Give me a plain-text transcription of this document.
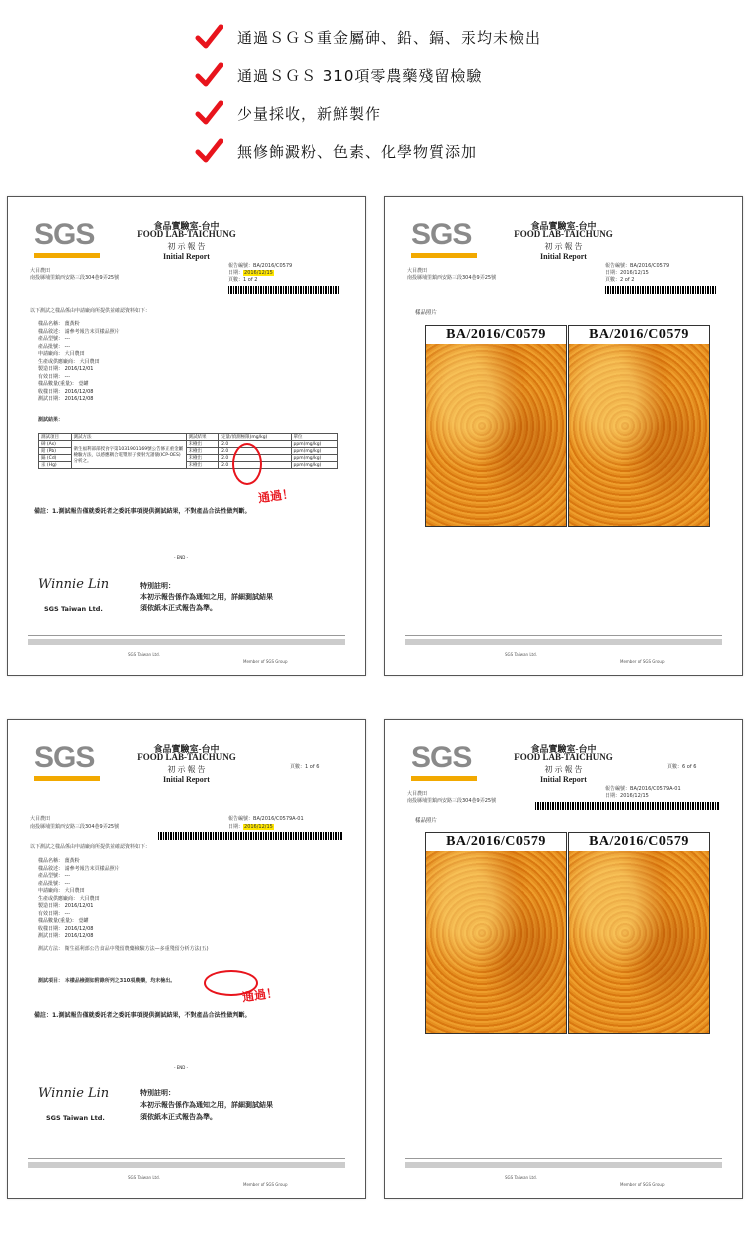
通過ＳＧＳ重金屬砷、鉛、鎘、汞均未檢出
通過ＳＧＳ 310項零農藥殘留檢驗
少量採收，新鮮製作
無修飾澱粉、色素、化學物質添加
SGS	食品實驗室-台中
FOOD LAB-TAICHUNG
初 示 報 告
Initial Report
大目農田
南投縣埔里鎮西安路三段304巷9弄25號
報告編號：BA/2016/C0579
日期：2016/12/15
頁數：1 of 2
以下測試之樣品係由申請廠商所提供並確認資料如下：
樣品名稱： 薑黃粉
樣品敘述： 請參考報告末頁樣品照片
產品型號： ---
產品批號： ---
申請廠商： 大目農田
生產或供應廠商： 大目農田
製造日期： 2016/12/01
有效日期： ---
樣品數量(重量)： 壹罐
收樣日期： 2016/12/08
測試日期： 2016/12/08
測試結果：
測試項目	測試方法	測試結果	定量/偵測極限(mg/kg)	單位
砷 (As)	衛生福利部部授食字第1031901169號公告修正重金屬檢驗方法，以感應耦合電漿原子發射光譜儀(ICP-OES)分析之。	未檢出	2.0	ppm(mg/kg)
鉛 (Pb)		未檢出	2.0	ppm(mg/kg)
鎘 (Cd)		未檢出	2.0	ppm(mg/kg)
汞 (Hg)		未檢出	2.0	ppm(mg/kg)
通過！
備註：1.測試報告僅就委託者之委託事項提供測試結果，不對產品合法性做判斷。
- END -
Winnie Lin
SGS Taiwan Ltd.
特別註明：
本初示報告係作為通知之用，詳細測試結果
須依紙本正式報告為準。
SGS Taiwan Ltd.
Member of SGS Group
SGS	食品實驗室-台中
FOOD LAB-TAICHUNG
初 示 報 告
Initial Report
大目農田
南投縣埔里鎮西安路三段304巷9弄25號
報告編號：BA/2016/C0579
日期：2016/12/15
頁數：2 of 2
樣品照片
BA/2016/C0579	BA/2016/C0579
SGS Taiwan Ltd.
Member of SGS Group
SGS	食品實驗室-台中
FOOD LAB-TAICHUNG
初 示 報 告
Initial Report
頁數：1 of 6
大目農田
南投縣埔里鎮西安路三段304巷9弄25號
報告編號：BA/2016/C0579A-01
日期：2016/12/15
以下測試之樣品係由申請廠商所提供並確認資料如下：
樣品名稱： 薑黃粉
樣品敘述： 請參考報告末頁樣品照片
產品型號： ---
產品批號： ---
申請廠商： 大目農田
生產或供應廠商： 大目農田
製造日期： 2016/12/01
有效日期： ---
樣品數量(重量)： 壹罐
收樣日期： 2016/12/08
測試日期： 2016/12/08
測試方法： 衛生福利部公告食品中殘留農藥檢驗方法—多重殘留分析方法(五)
測試項目： 本樣品檢測如附錄所列之310項農藥，均未檢出。
通過！
備註：1.測試報告僅就委託者之委託事項提供測試結果，不對產品合法性做判斷。
- END -
Winnie Lin
SGS Taiwan Ltd.
特別註明：
本初示報告係作為通知之用，詳細測試結果
須依紙本正式報告為準。
SGS Taiwan Ltd.
Member of SGS Group
SGS	食品實驗室-台中
FOOD LAB-TAICHUNG
初 示 報 告
Initial Report
頁數：6 of 6
大目農田
南投縣埔里鎮西安路三段304巷9弄25號
報告編號：BA/2016/C0579A-01
日期：2016/12/15
樣品照片
BA/2016/C0579	BA/2016/C0579
SGS Taiwan Ltd.
Member of SGS Group
